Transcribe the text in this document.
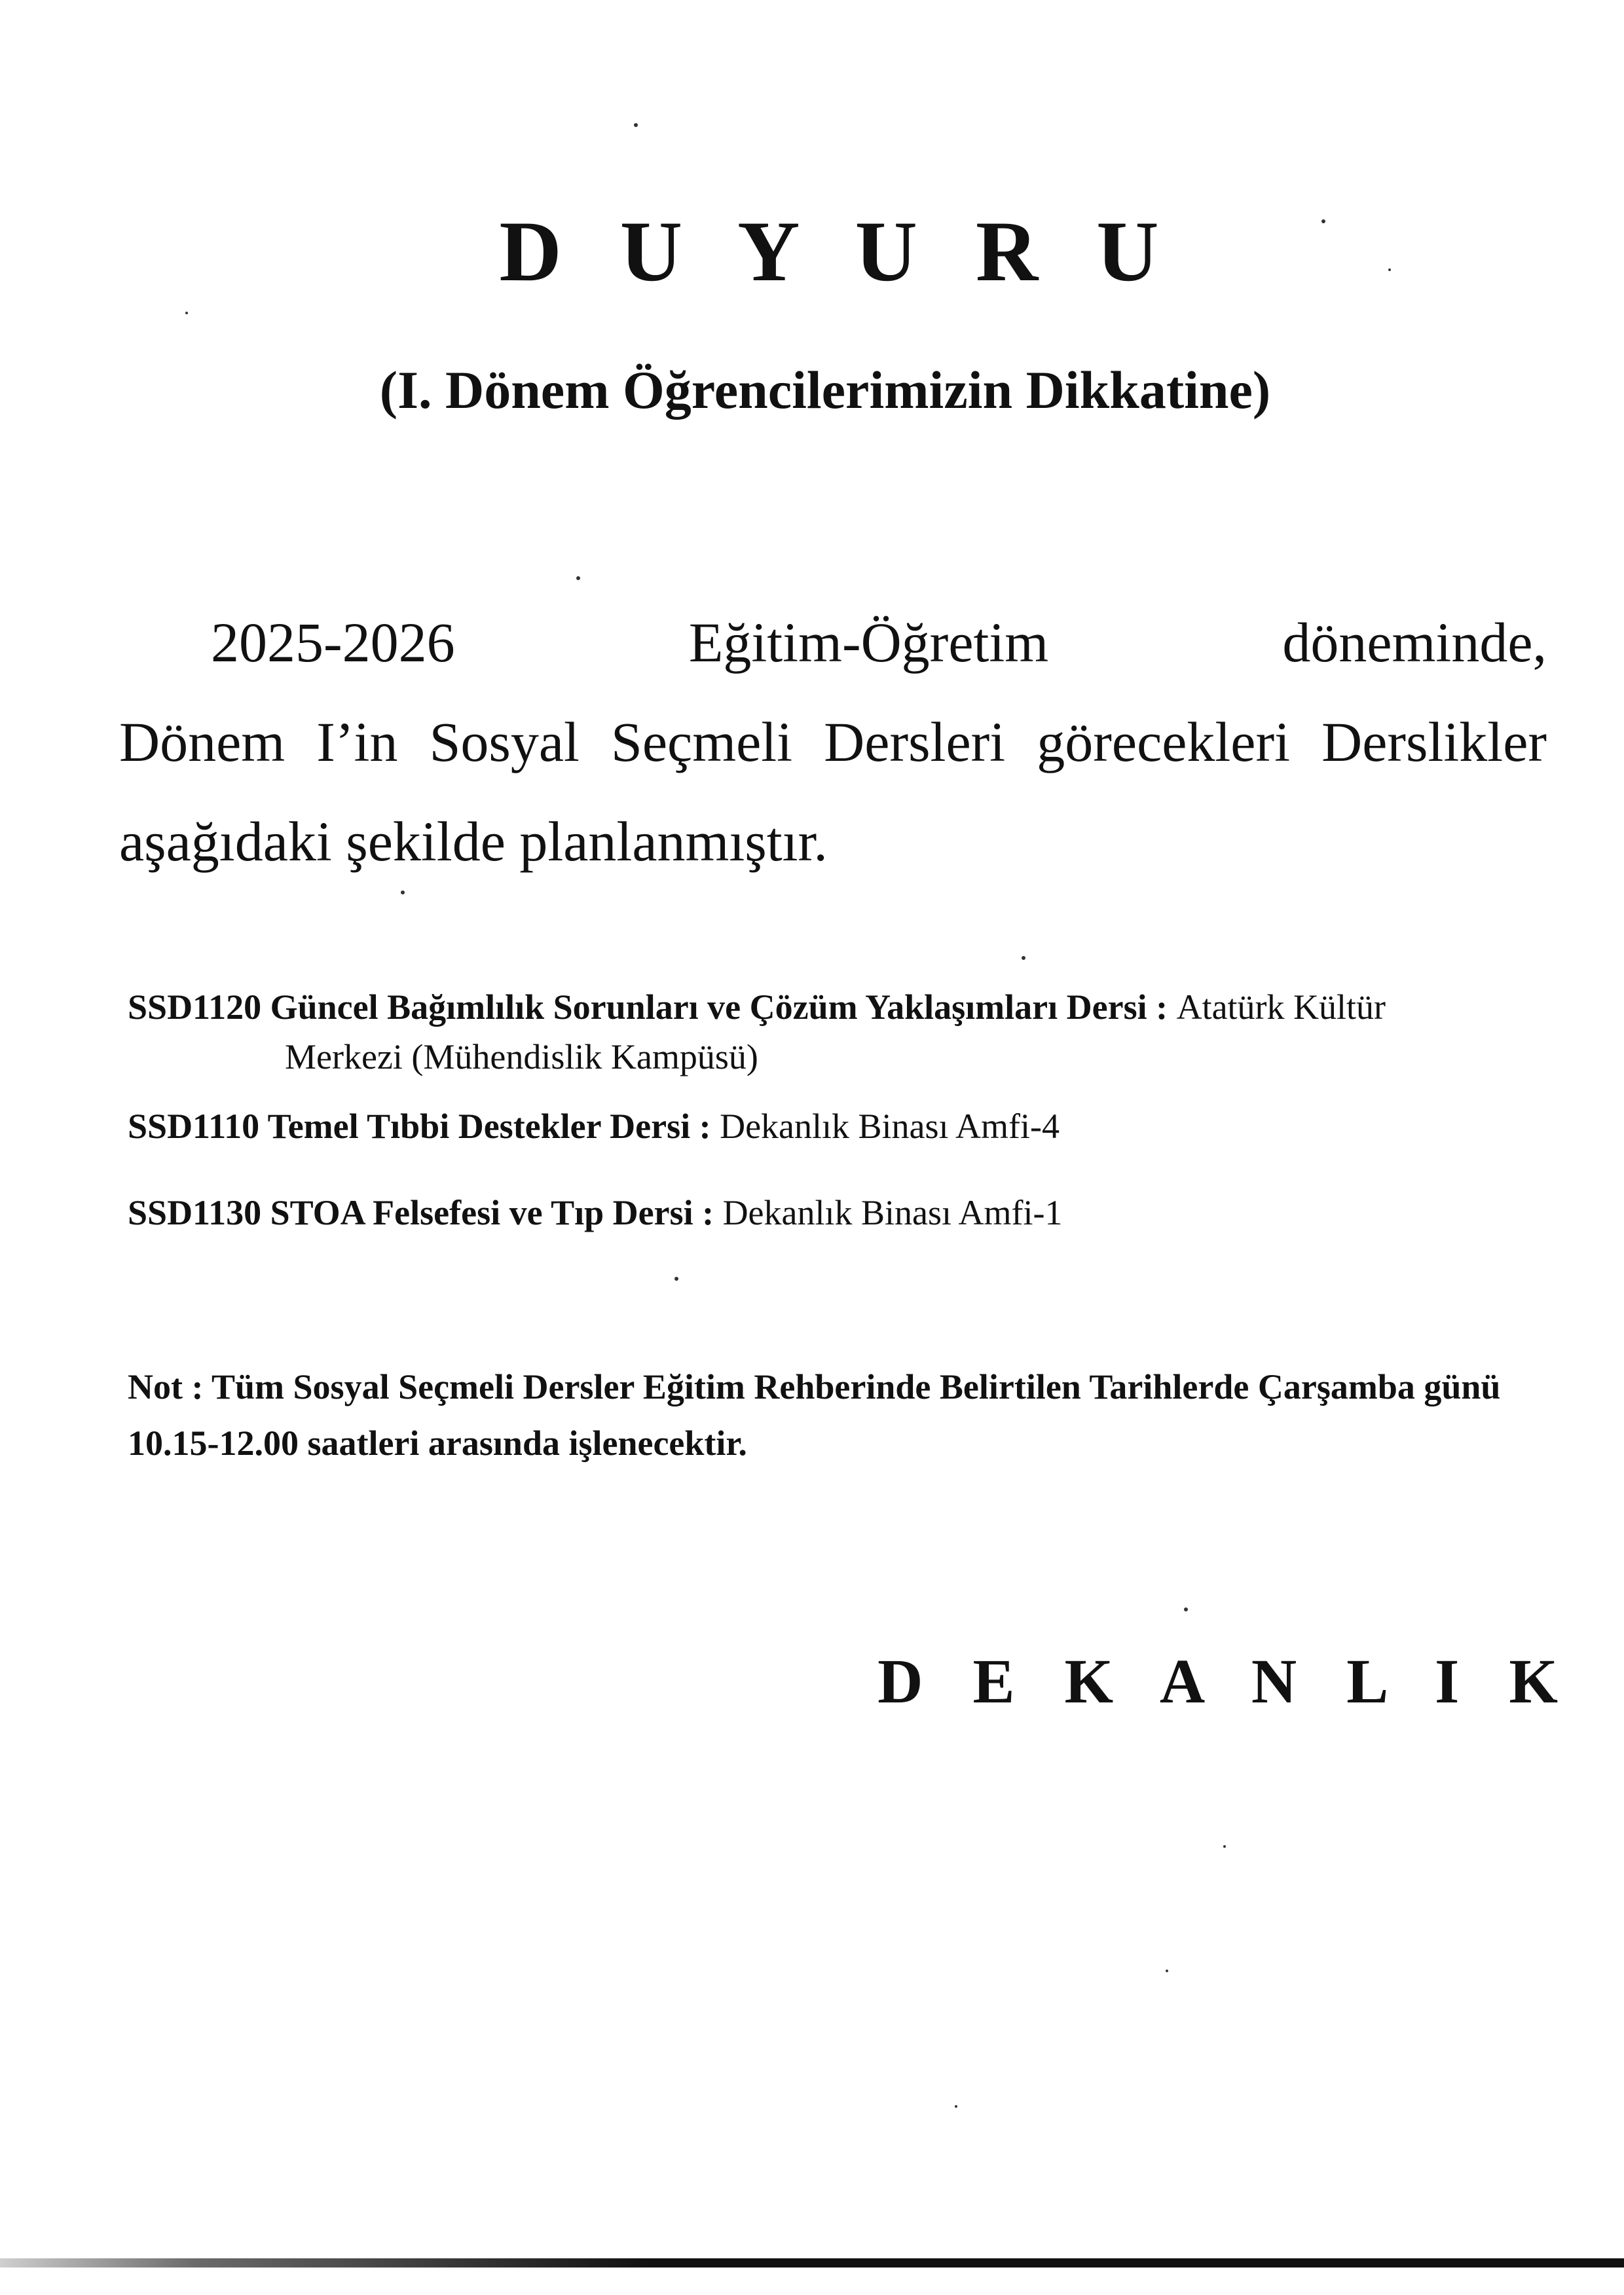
D U Y U R U
(I. Dönem Öğrencilerimizin Dikkatine)

2025-2026 Eğitim-Öğretim döneminde,
Dönem I’in Sosyal Seçmeli Dersleri görecekleri Derslikler aşağıdaki şekilde planlanmıştır.

SSD1120 Güncel Bağımlılık Sorunları ve Çözüm Yaklaşımları Dersi : Atatürk Kültür
Merkezi (Mühendislik Kampüsü)
SSD1110 Temel Tıbbi Destekler Dersi : Dekanlık Binası Amfi-4
SSD1130 STOA Felsefesi ve Tıp Dersi : Dekanlık Binası Amfi-1

Not : Tüm Sosyal Seçmeli Dersler Eğitim Rehberinde Belirtilen Tarihlerde Çarşamba günü 10.15-12.00 saatleri arasında işlenecektir.

D E K A N L I K
